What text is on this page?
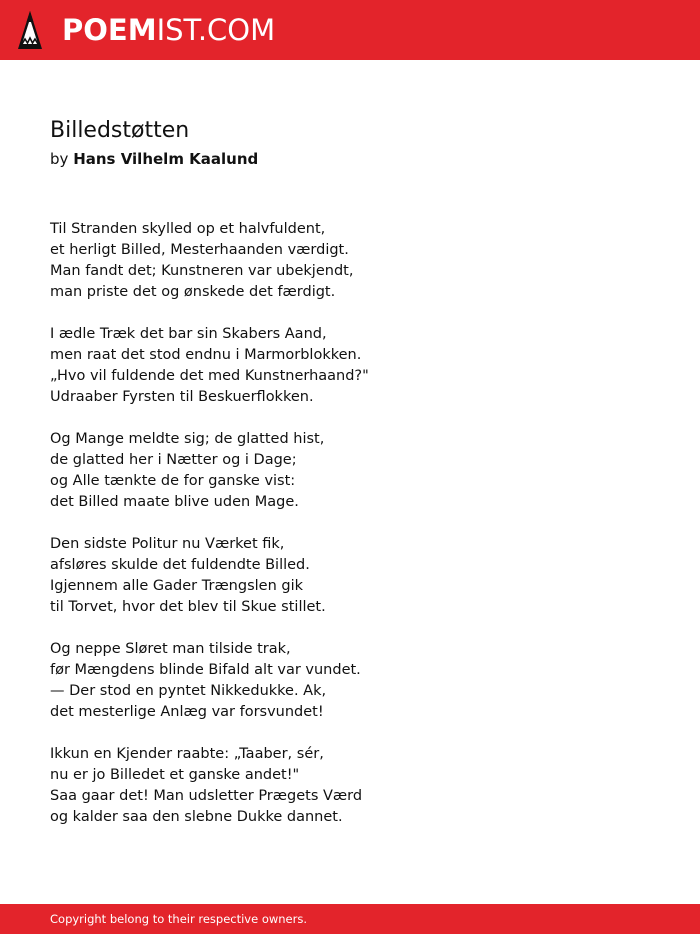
POEMIST.COM
Billedstøtten
by Hans Vilhelm Kaalund
Til Stranden skylled op et halvfuldent,
et herligt Billed, Mesterhaanden værdigt.
Man fandt det; Kunstneren var ubekjendt,
man priste det og ønskede det færdigt.
I ædle Træk det bar sin Skabers Aand,
men raat det stod endnu i Marmorblokken.
„Hvo vil fuldende det med Kunstnerhaand?"
Udraaber Fyrsten til Beskuerflokken.
Og Mange meldte sig; de glatted hist,
de glatted her i Nætter og i Dage;
og Alle tænkte de for ganske vist:
det Billed maate blive uden Mage.
Den sidste Politur nu Værket fik,
afsløres skulde det fuldendte Billed.
Igjennem alle Gader Trængslen gik
til Torvet, hvor det blev til Skue stillet.
Og neppe Sløret man tilside trak,
før Mængdens blinde Bifald alt var vundet.
— Der stod en pyntet Nikkedukke. Ak,
det mesterlige Anlæg var forsvundet!
Ikkun en Kjender raabte: „Taaber, sér,
nu er jo Billedet et ganske andet!"
Saa gaar det! Man udsletter Prægets Værd
og kalder saa den slebne Dukke dannet.
Copyright belong to their respective owners.
